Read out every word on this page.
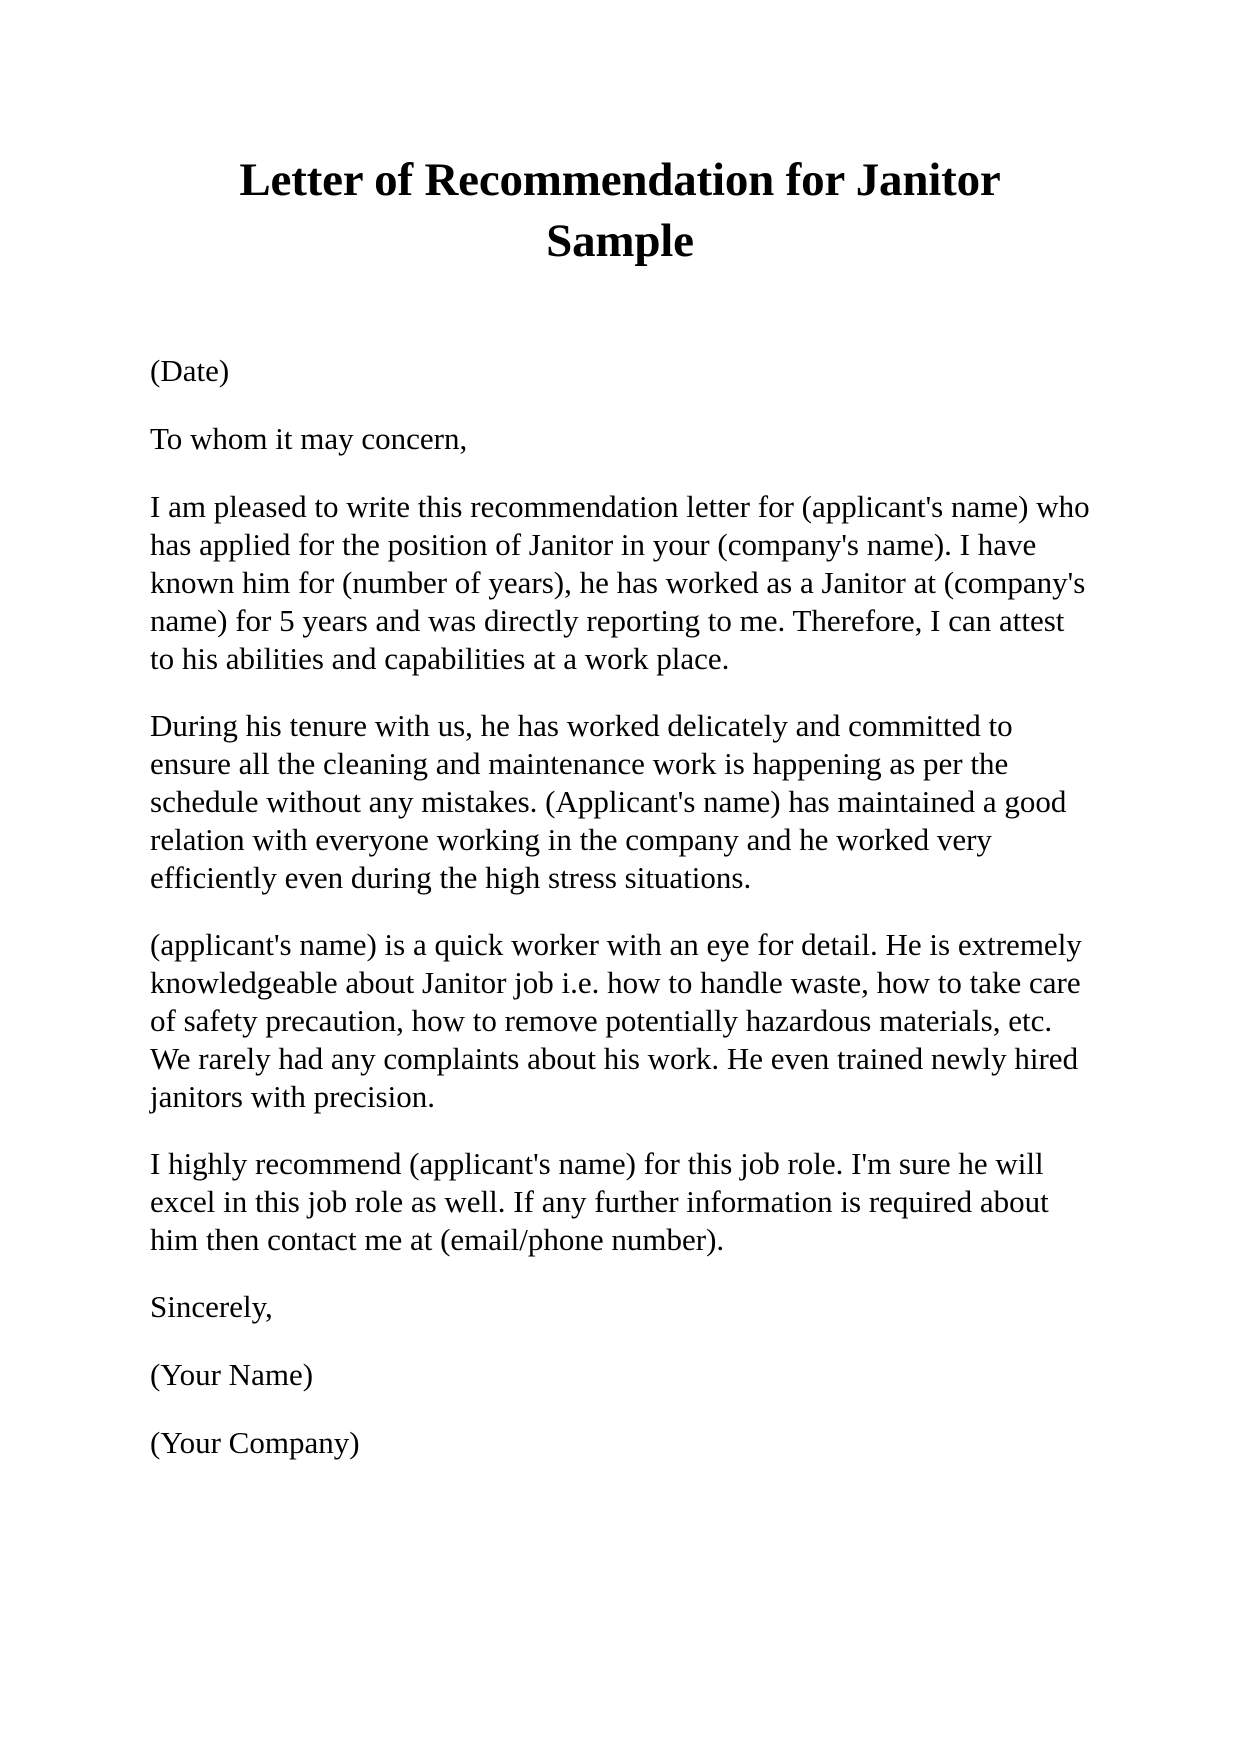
Letter of Recommendation for Janitor
Sample

(Date)

To whom it may concern,

I am pleased to write this recommendation letter for (applicant's name) who has applied for the position of Janitor in your (company's name). I have known him for (number of years), he has worked as a Janitor at (company's name) for 5 years and was directly reporting to me. Therefore, I can attest to his abilities and capabilities at a work place.

During his tenure with us, he has worked delicately and committed to ensure all the cleaning and maintenance work is happening as per the schedule without any mistakes. (Applicant's name) has maintained a good relation with everyone working in the company and he worked very efficiently even during the high stress situations.

(applicant's name) is a quick worker with an eye for detail. He is extremely knowledgeable about Janitor job i.e. how to handle waste, how to take care of safety precaution, how to remove potentially hazardous materials, etc. We rarely had any complaints about his work. He even trained newly hired janitors with precision.

I highly recommend (applicant's name) for this job role. I'm sure he will excel in this job role as well. If any further information is required about him then contact me at (email/phone number).

Sincerely,

(Your Name)

(Your Company)
